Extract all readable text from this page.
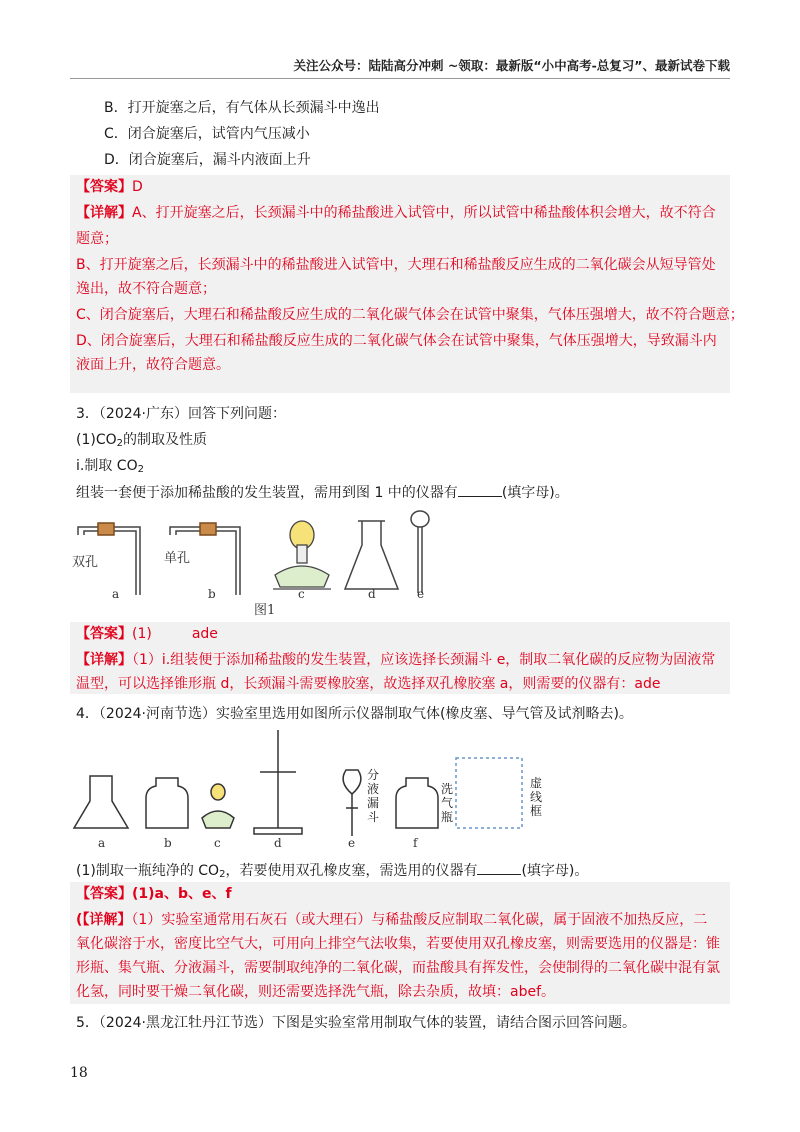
关注公众号：陆陆高分冲刺 ~领取：最新版“小中高考-总复习”、最新试卷下载
B．打开旋塞之后，有气体从长颈漏斗中逸出
C．闭合旋塞后，试管内气压减小
D．闭合旋塞后，漏斗内液面上升
【答案】D
【详解】A、打开旋塞之后，长颈漏斗中的稀盐酸进入试管中，所以试管中稀盐酸体积会增大，故不符合
题意；
B、打开旋塞之后，长颈漏斗中的稀盐酸进入试管中，大理石和稀盐酸反应生成的二氧化碳会从短导管处
逸出，故不符合题意；
C、闭合旋塞后，大理石和稀盐酸反应生成的二氧化碳气体会在试管中聚集，气体压强增大，故不符合题意；
D、闭合旋塞后，大理石和稀盐酸反应生成的二氧化碳气体会在试管中聚集，气体压强增大，导致漏斗内
液面上升，故符合题意。
3．（2024·广东）回答下列问题：
$(1)CO_2$的制取及性质
i.制取 $CO_2$
组装一套便于添加稀盐酸的发生装置，需用到图 1 中的仪器有	(填字母)。
双孔	单孔
a	b	c	d	e
图1
【答案】(1)	ade
【详解】（1）i.组装便于添加稀盐酸的发生装置，应该选择长颈漏斗 e，制取二氧化碳的反应物为固液常
温型，可以选择锥形瓶 d，长颈漏斗需要橡胶塞，故选择双孔橡胶塞 a，则需要的仪器有：ade
4．（2024·河南节选）实验室里选用如图所示仪器制取气体(橡皮塞、导气管及试剂略去)。
a	b	c	d	e	f
分液漏斗
洗气瓶
虚线框
(1)制取一瓶纯净的 $CO_2$，若要使用双孔橡皮塞，需选用的仪器有	(填字母)。
【答案】(1)a、b、e、f
(【详解】（1）实验室通常用石灰石（或大理石）与稀盐酸反应制取二氧化碳，属于固液不加热反应，二
氧化碳溶于水，密度比空气大，可用向上排空气法收集，若要使用双孔橡皮塞，则需要选用的仪器是：锥
形瓶、集气瓶、分液漏斗，需要制取纯净的二氧化碳，而盐酸具有挥发性，会使制得的二氧化碳中混有氯
化氢，同时要干燥二氧化碳，则还需要选择洗气瓶，除去杂质，故填：abef。
5．（2024·黑龙江牡丹江节选）下图是实验室常用制取气体的装置，请结合图示回答问题。
18
